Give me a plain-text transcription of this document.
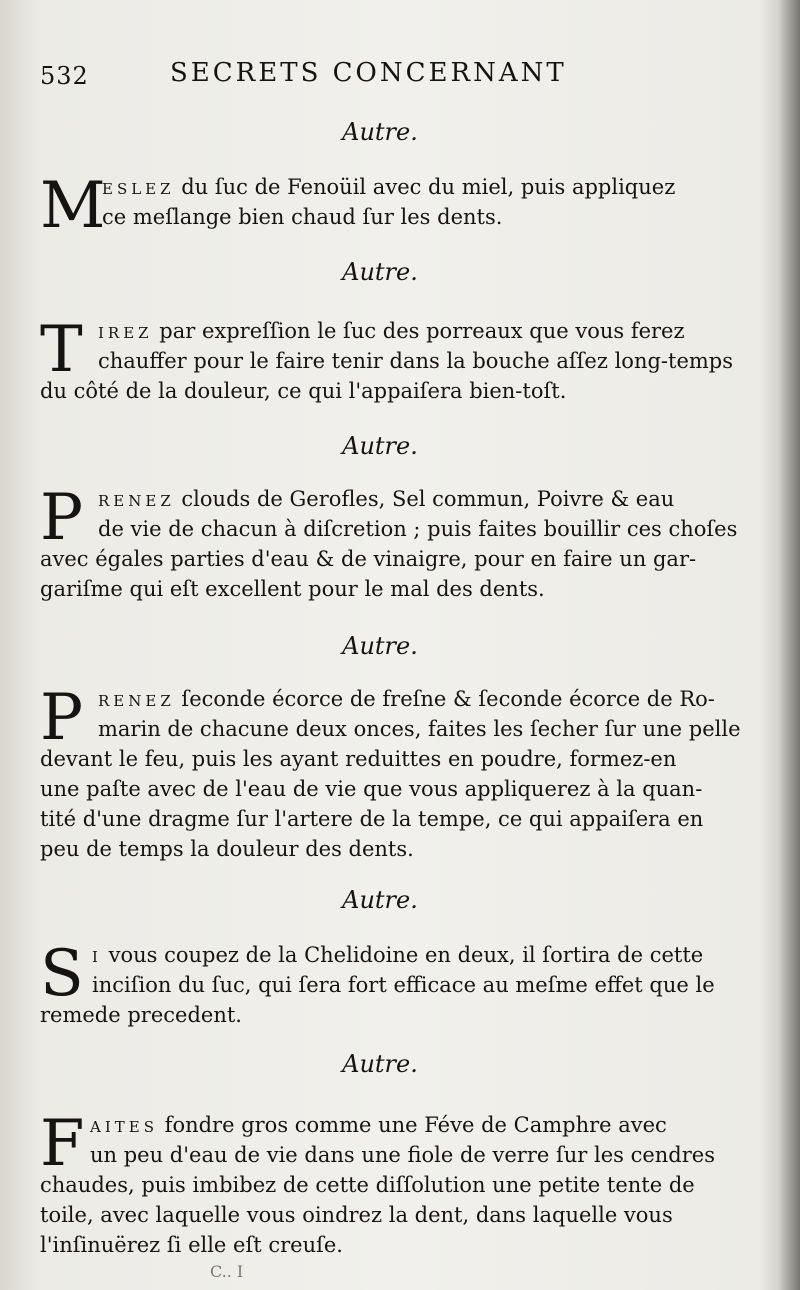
532	SECRETS CONCERNANT
Autre.
M
ESLEZ du ſuc de Fenoüil avec du miel, puis appliquez
ce meſlange bien chaud ſur les dents.
Autre.
T IREZ par expreſſion le ſuc des porreaux que vous ferez
chauffer pour le faire tenir dans la bouche aſſez long-temps
du côté de la douleur, ce qui l'appaiſera bien-toſt.
Autre.
P RENEZ clouds de Gerofles, Sel commun, Poivre & eau
de vie de chacun à diſcretion ; puis faites bouillir ces choſes
avec égales parties d'eau & de vinaigre, pour en faire un gar-
gariſme qui eſt excellent pour le mal des dents.
Autre.
P RENEZ ſeconde écorce de freſne & ſeconde écorce de Ro-
marin de chacune deux onces, faites les ſecher ſur une pelle
devant le feu, puis les ayant reduittes en poudre, formez-en
une paſte avec de l'eau de vie que vous appliquerez à la quan-
tité d'une dragme ſur l'artere de la tempe, ce qui appaiſera en
peu de temps la douleur des dents.
Autre.
S I vous coupez de la Chelidoine en deux, il ſortira de cette
inciſion du ſuc, qui ſera fort efficace au meſme effet que le
remede precedent.
Autre.
F AITES fondre gros comme une Féve de Camphre avec
un peu d'eau de vie dans une fiole de verre ſur les cendres
chaudes, puis imbibez de cette diſſolution une petite tente de
toile, avec laquelle vous oindrez la dent, dans laquelle vous
l'inſinuërez ſi elle eſt creuſe.
C.. I
